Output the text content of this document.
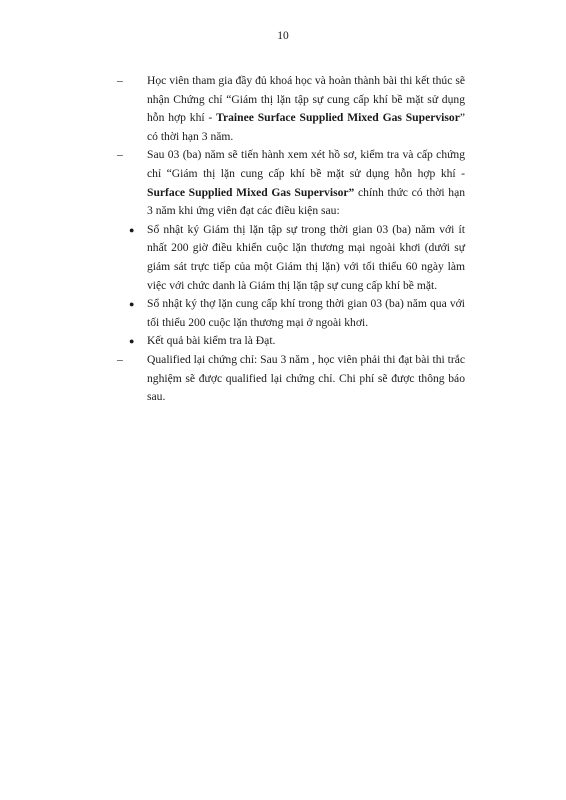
10
– Học viên tham gia đầy đủ khoá học và hoàn thành bài thi kết thúc sẽ nhận Chứng chỉ “Giám thị lặn tập sự cung cấp khí bề mặt sử dụng hỗn hợp khí - Trainee Surface Supplied Mixed Gas Supervisor” có thời hạn 3 năm.
– Sau 03 (ba) năm sẽ tiến hành xem xét hồ sơ, kiểm tra và cấp chứng chỉ “Giám thị lặn cung cấp khí bề mặt sử dụng hỗn hợp khí - Surface Supplied Mixed Gas Supervisor” chính thức có thời hạn 3 năm khi ứng viên đạt các điều kiện sau:
● Sổ nhật ký Giám thị lặn tập sự trong thời gian 03 (ba) năm với ít nhất 200 giờ điều khiển cuộc lặn thương mại ngoài khơi (dưới sự giám sát trực tiếp của một Giám thị lặn) với tối thiểu 60 ngày làm việc với chức danh là Giám thị lặn tập sự cung cấp khí bề mặt.
● Sổ nhật ký thợ lặn cung cấp khí trong thời gian 03 (ba) năm qua với tối thiểu 200 cuộc lặn thương mại ở ngoài khơi.
● Kết quả bài kiểm tra là Đạt.
– Qualified lại chứng chỉ: Sau 3 năm , học viên phải thi đạt bài thi trắc nghiệm sẽ được qualified lại chứng chỉ. Chi phí sẽ được thông báo sau.
